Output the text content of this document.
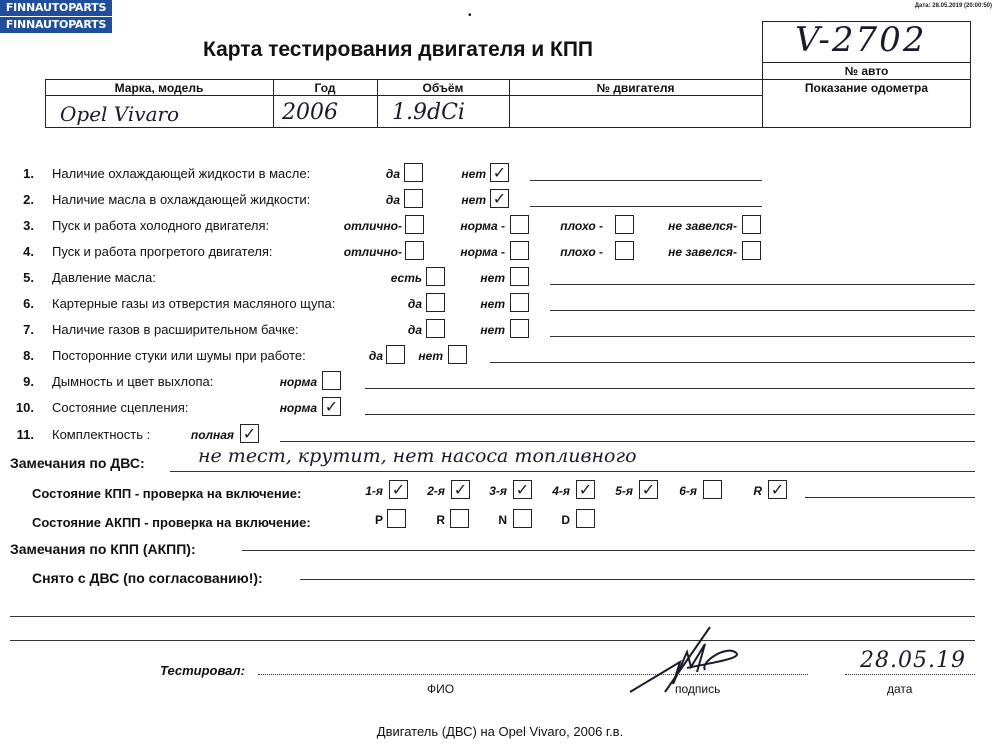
FINNAUTOPARTS
FINNAUTOPARTS
Дата: 28.05.2019 (20:00:50)
•
Карта тестирования двигателя и КПП	V-2702
№ авто
Марка, модель	Год	Объём	№ двигателя	Показание одометра
Opel Vivaro	2006 1.9dCi
1. Наличие охлаждающей жидкости в масле:	да	нет ✓
2. Наличие масла в охлаждающей жидкости:	да	нет ✓
3. Пуск и работа холодного двигателя:	отлично-	норма -	плохо -	не завелся-
4. Пуск и работа прогретого двигателя:	отлично-	норма -	плохо -	не завелся-
5. Давление масла:	есть	нет
6. Картерные газы из отверстия масляного щупа:	да	нет
7. Наличие газов в расширительном бачке:	да	нет
8. Посторонние стуки или шумы при работе:	да	нет
9. Дымность и цвет выхлопа:	норма
10. Состояние сцепления:	норма ✓
11. Комплектность :	полная ✓
Замечания по ДВС:	не тест, крутит, нет насоса топливного
Состояние КПП - проверка на включение:	1-я ✓ 2-я ✓ 3-я ✓ 4-я ✓ 5-я ✓ 6-я	R ✓
Состояние АКПП - проверка на включение:	P	R	N	D
Замечания по КПП (АКПП):
Снято с ДВС (по согласованию!):
Тестировал:
ФИО	подпись	дата
28.05.19
Двигатель (ДВС) на Opel Vivaro, 2006 г.в.
